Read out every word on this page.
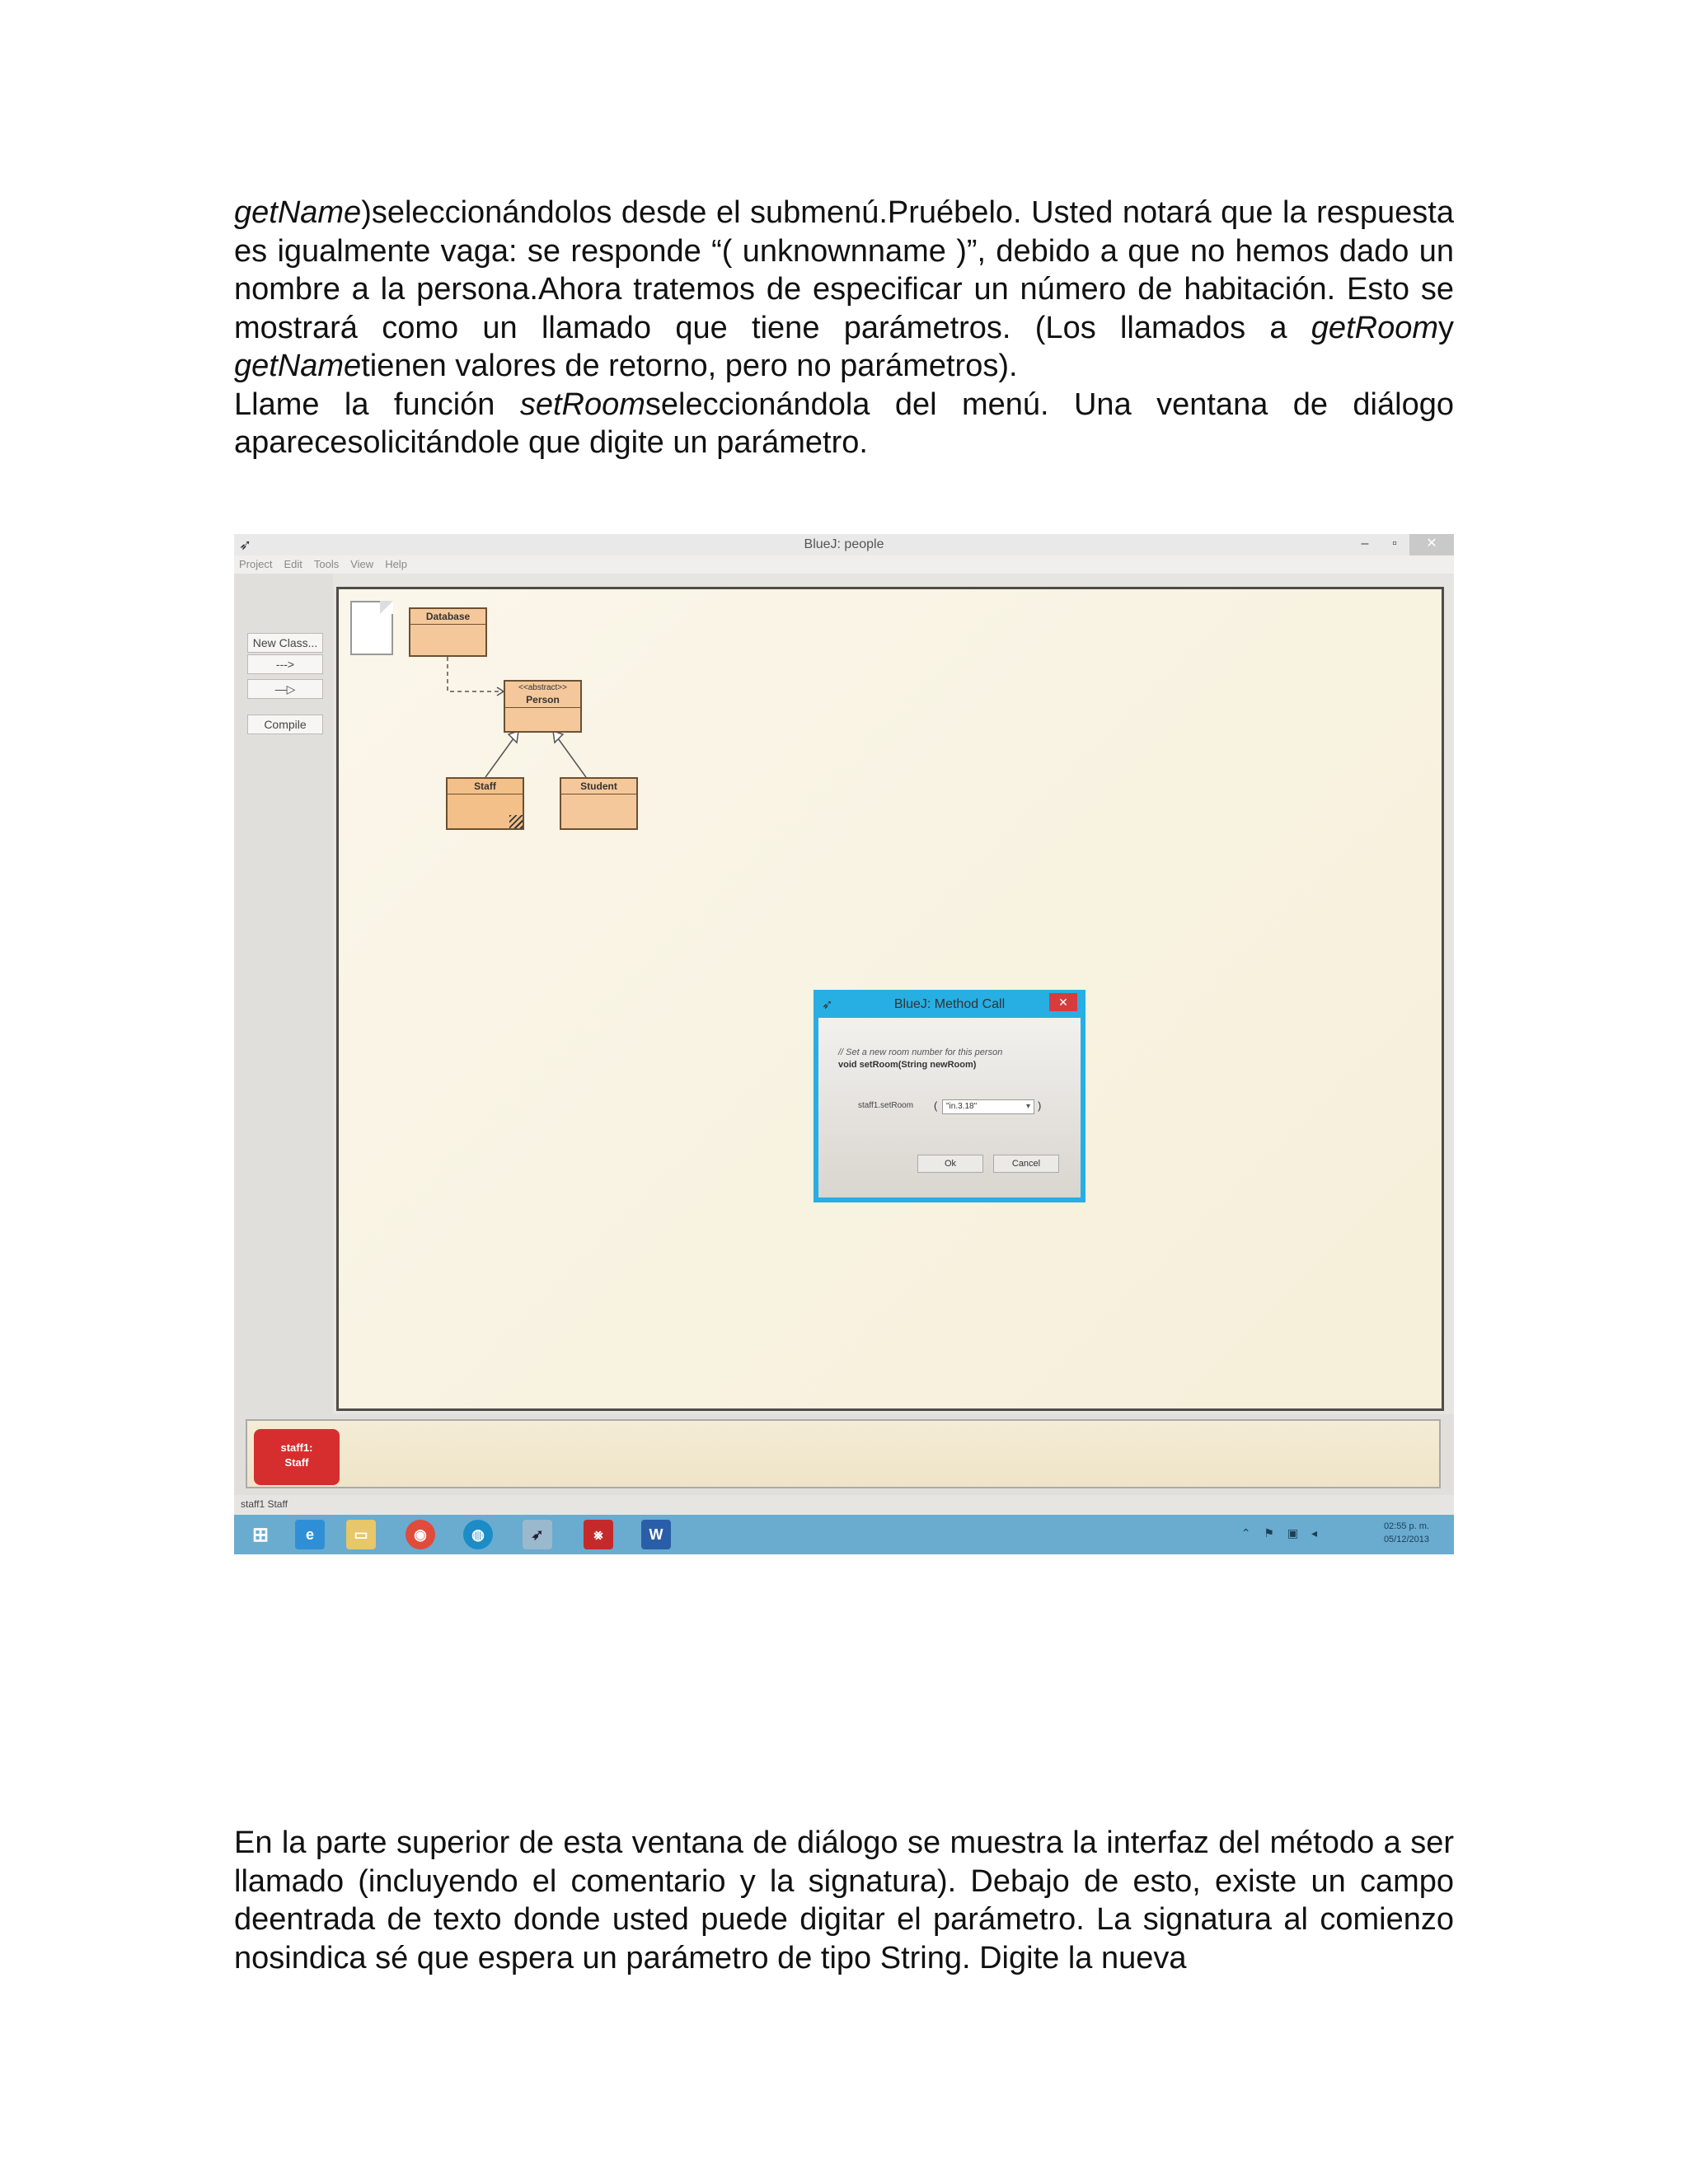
getName)seleccionándolos desde el submenú.Pruébelo. Usted notará que la respuesta es igualmente vaga: se responde “( unknownname )”, debido a que no hemos dado un nombre a la persona.Ahora tratemos de especificar un número de habitación. Esto se mostrará como un llamado que tiene parámetros. (Los llamados a getRoomy getNametienen valores de retorno, pero no parámetros).
Llame la función setRoomseleccionándola del menú. Una ventana de diálogo aparecesolicitándole que digite un parámetro.

➶	BlueJ: people	–	▫	✕
Project Edit Tools View Help
New Class...
--->
—▷
Compile
Database
<<abstract>>
Person
Staff	Student
➶	BlueJ: Method Call	✕
// Set a new room number for this person
void setRoom(String newRoom)
staff1.setRoom (	"in.3.18"	▾ )
Ok	Cancel
staff1:
Staff
staff1 Staff
⊞	e	▭	◉	◍	➶	⨳	W	⌃ ⚑ ▣ ◂	02:55 p. m.
05/12/2013

En la parte superior de esta ventana de diálogo se muestra la interfaz del método a ser llamado (incluyendo el comentario y la signatura). Debajo de esto, existe un campo deentrada de texto donde usted puede digitar el parámetro. La signatura al comienzo nosindica sé que espera un parámetro de tipo String. Digite la nueva
